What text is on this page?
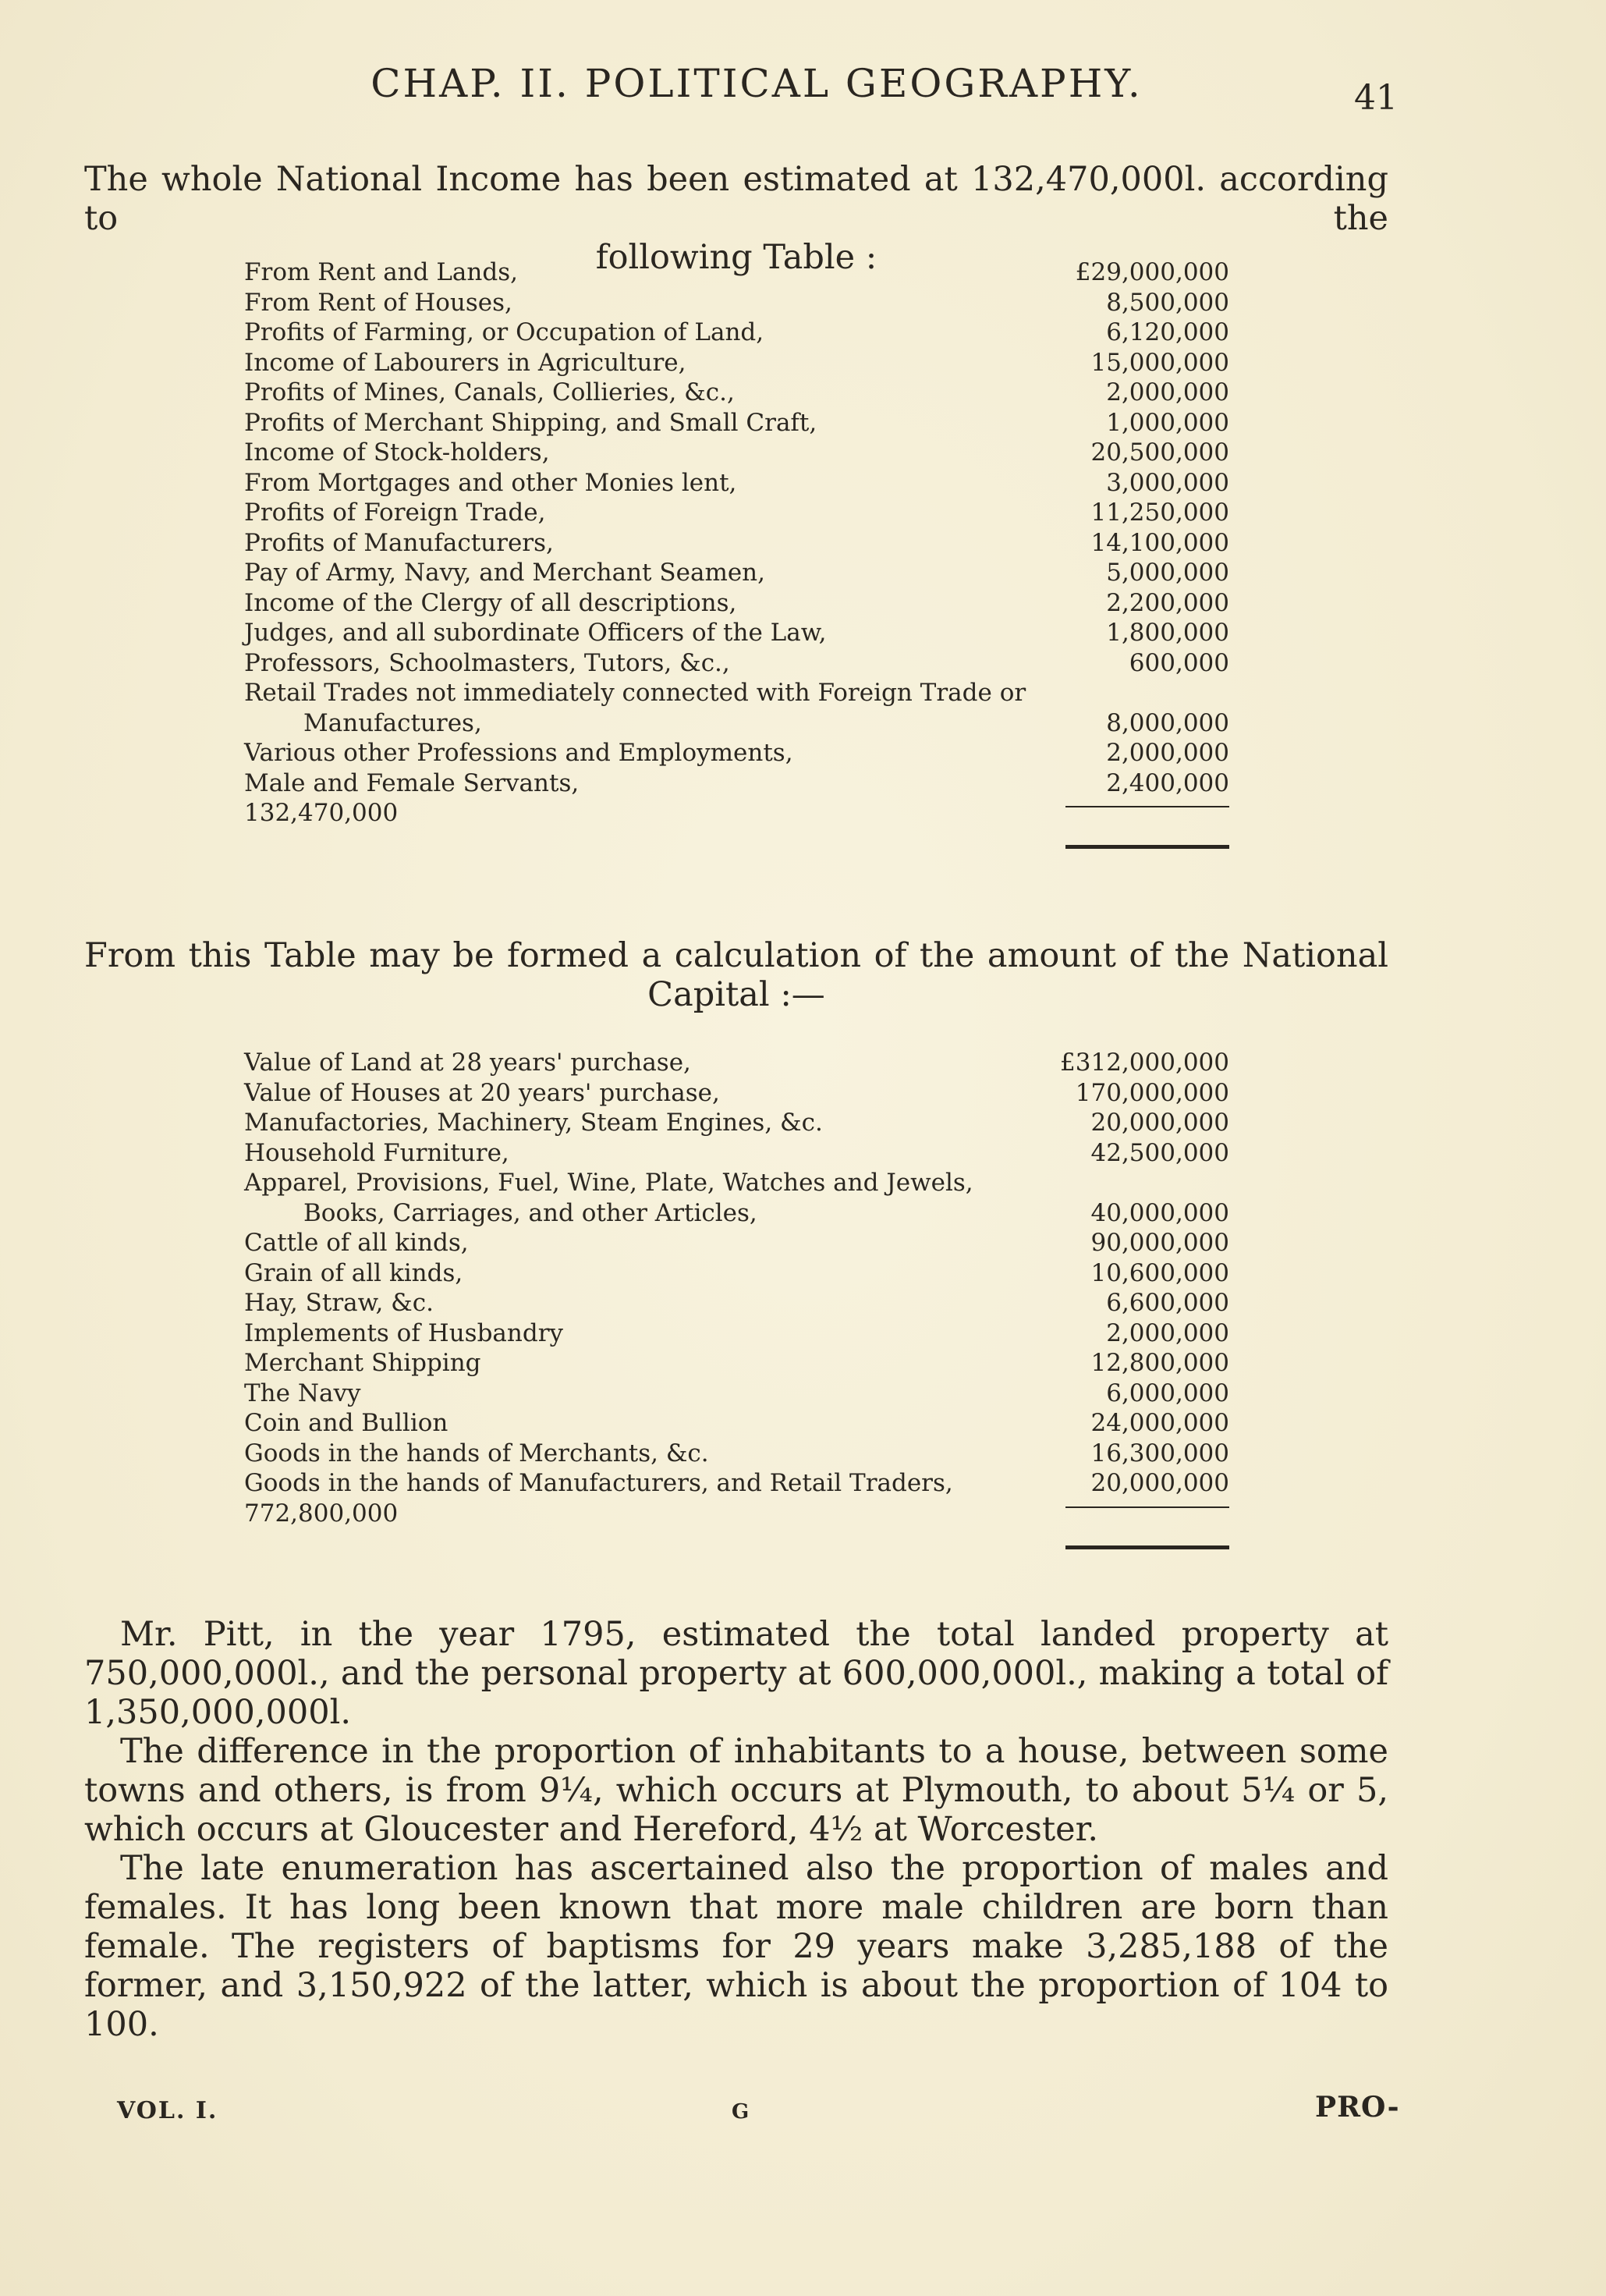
CHAP. II. POLITICAL GEOGRAPHY.	41
The whole National Income has been estimated at 132,470,000l. according to the
following Table :
From Rent and Lands,	£29,000,000
From Rent of Houses,	8,500,000
Profits of Farming, or Occupation of Land,	6,120,000
Income of Labourers in Agriculture,	15,000,000
Profits of Mines, Canals, Collieries, &c.,	2,000,000
Profits of Merchant Shipping, and Small Craft,	1,000,000
Income of Stock-holders,	20,500,000
From Mortgages and other Monies lent,	3,000,000
Profits of Foreign Trade,	11,250,000
Profits of Manufacturers,	14,100,000
Pay of Army, Navy, and Merchant Seamen,	5,000,000
Income of the Clergy of all descriptions,	2,200,000
Judges, and all subordinate Officers of the Law,	1,800,000
Professors, Schoolmasters, Tutors, &c.,	600,000
Retail Trades not immediately connected with Foreign Trade or
Manufactures,	8,000,000
Various other Professions and Employments,	2,000,000
Male and Female Servants,	2,400,000
132,470,000
From this Table may be formed a calculation of the amount of the National
Capital :—
Value of Land at 28 years' purchase,	£312,000,000
Value of Houses at 20 years' purchase,	170,000,000
Manufactories, Machinery, Steam Engines, &c.	20,000,000
Household Furniture,	42,500,000
Apparel, Provisions, Fuel, Wine, Plate, Watches and Jewels,
Books, Carriages, and other Articles,	40,000,000
Cattle of all kinds,	90,000,000
Grain of all kinds,	10,600,000
Hay, Straw, &c.	6,600,000
Implements of Husbandry	2,000,000
Merchant Shipping	12,800,000
The Navy	6,000,000
Coin and Bullion	24,000,000
Goods in the hands of Merchants, &c.	16,300,000
Goods in the hands of Manufacturers, and Retail Traders,	20,000,000
772,800,000

Mr. Pitt, in the year 1795, estimated the total landed property at 750,000,000l., and the personal property at 600,000,000l., making a total of 1,350,000,000l.

The difference in the proportion of inhabitants to a house, between some towns and others, is from 9¼, which occurs at Plymouth, to about 5¼ or 5, which occurs at Gloucester and Hereford, 4½ at Worcester.

The late enumeration has ascertained also the proportion of males and females. It has long been known that more male children are born than female. The registers of baptisms for 29 years make 3,285,188 of the former, and 3,150,922 of the latter, which is about the proportion of 104 to 100.

VOL. I.	G	PRO-
